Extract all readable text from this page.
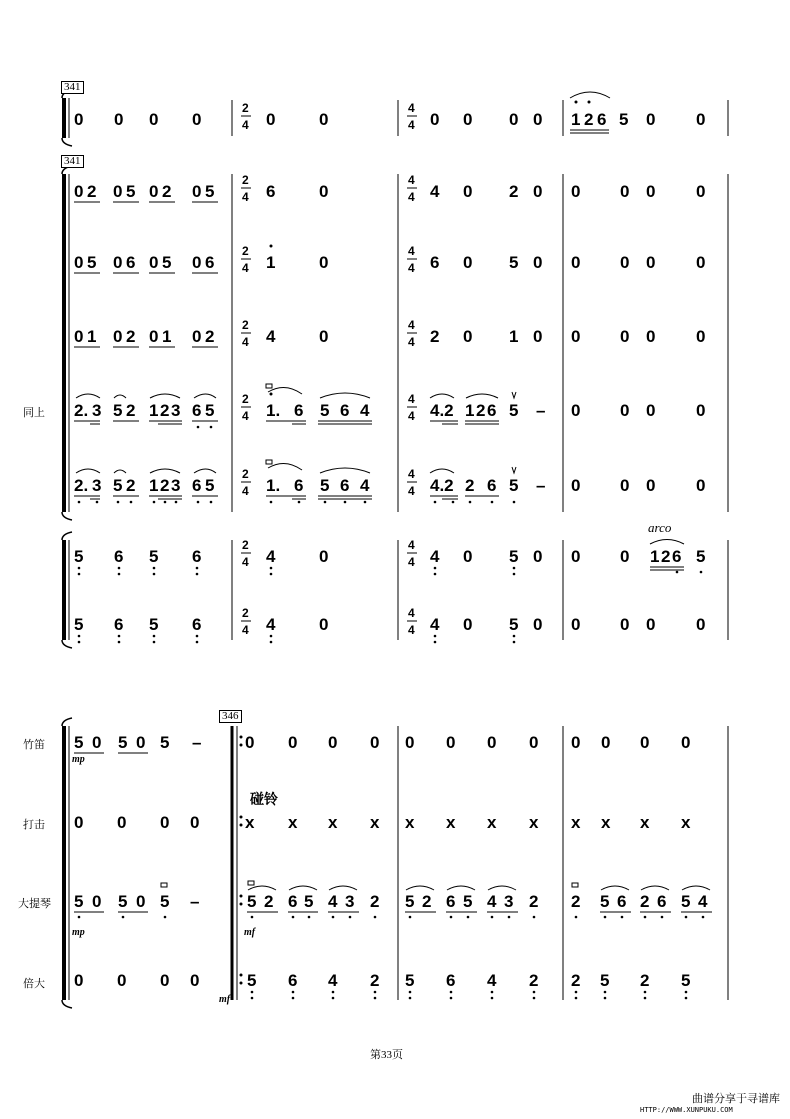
0 0 0 0
2
4 0	0
4
4 0 0 0 0 1 2 6 5 0 0
0 2 0 5 0 2 0 5
2
4 6	0
4
4 4 0 2 0 0 0 0 0
0 5 0 6 0 5 0 6
2
4 1	0
4
4 6 0 5 0 0 0 0 0
0 1 0 2 0 1 0 2
2
4 4	0
4
4 2 0 1 0 0 0 0 0
2. 3 5 2 1 2 3 6 5
2
4 1. 6 5 6 4
4
4 4.2 1 2 6 5 – 0 0 0 0
2. 3 5 2 1 2 3 6 5
2
4 1. 6 5 6 4
4
4 4.2 2 6 5 – 0 0 0 0
5 6 5 6
2
4 4	0
4
4 4 0 5 0 0 0
arco
1 2 6 5
5 6 5 6
2
4 4	0
4
4 4 0 5 0 0 0 0 0
5 0 5 0 5 –
mp
0 0 0 0 0 0 0 0 0 0 0 0
碰铃
0 0 0 0	x x x x x x x x x x x x
5 0 5 0 5 –	5 2 6 5 4 3 2 5 2 6 5 4 3 2 2 5 6 2 6 5 4
mp	mf
0 0 0 0
mf
5 6 4 2 5 6 4 2 2 5 2 5
341
341
346
同上
竹笛
打击
大提琴
倍大
第33页
曲谱分享于寻谱库
HTTP://WWW.XUNPUKU.COM
